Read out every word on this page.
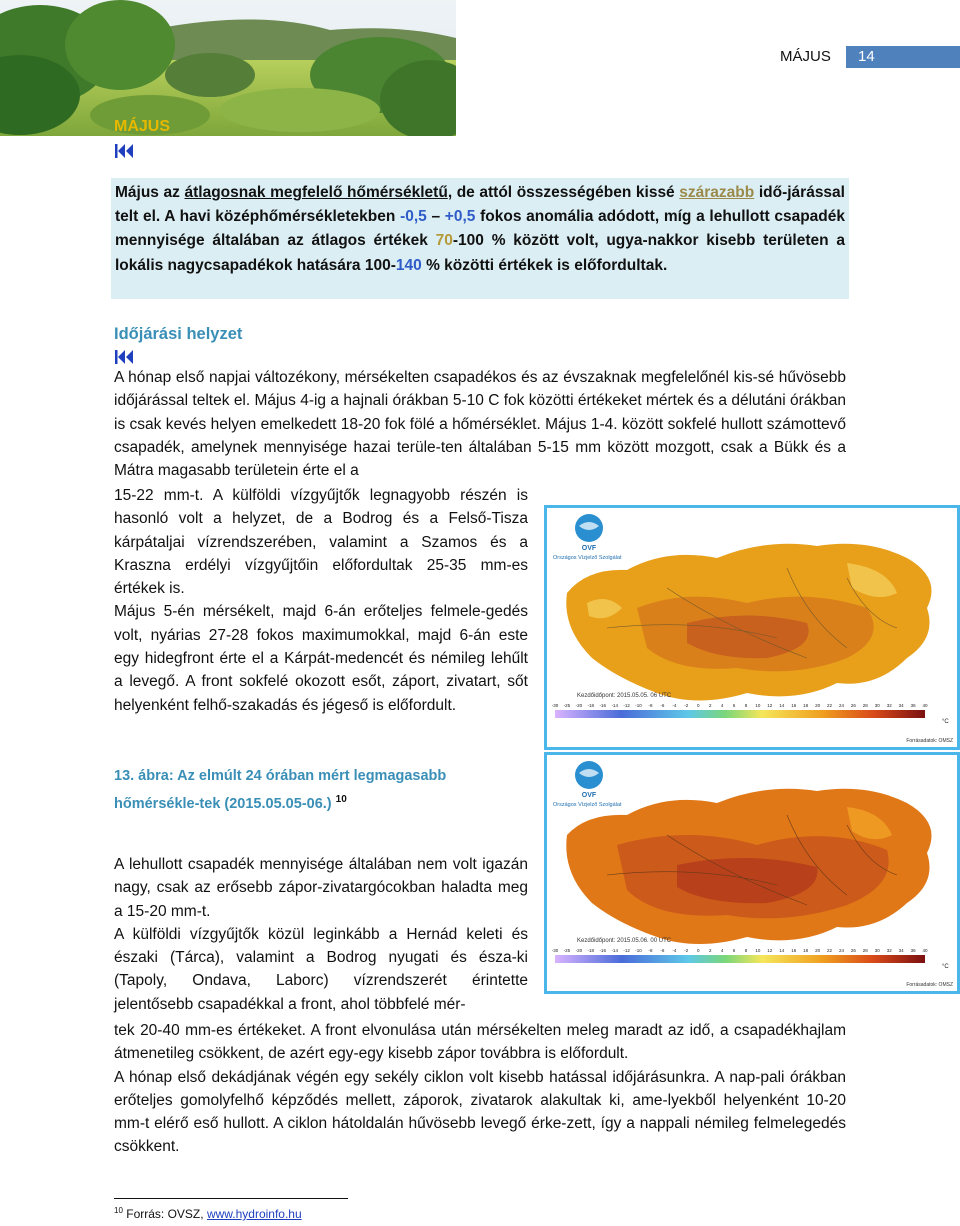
MÁJUS	14
MÁJUS
Május az átlagosnak megfelelő hőmérsékletű, de attól összességében kissé szárazabb idő-járással telt el. A havi középhőmérsékletekben -0,5 – +0,5 fokos anomália adódott, míg a lehullott csapadék mennyisége általában az átlagos értékek 70-100 % között volt, ugya-nakkor kisebb területen a lokális nagycsapadékok hatására 100-140 % közötti értékek is előfordultak.
Időjárási helyzet
A hónap első napjai változékony, mérsékelten csapadékos és az évszaknak megfelelőnél kis-sé hűvösebb időjárással teltek el. Május 4-ig a hajnali órákban 5-10 C fok közötti értékeket mértek és a délutáni órákban is csak kevés helyen emelkedett 18-20 fok fölé a hőmérséklet. Május 1-4. között sokfelé hullott számottevő csapadék, amelynek mennyisége hazai terüle-ten általában 5-15 mm között mozgott, csak a Bükk és a Mátra magasabb területein érte el a
15-22 mm-t. A külföldi vízgyűjtők legnagyobb részén is hasonló volt a helyzet, de a Bodrog és a Felső-Tisza kárpátaljai vízrendszerében, valamint a Szamos és a Kraszna erdélyi vízgyűjtőin előfordultak 25-35 mm-es értékek is.
Május 5-én mérsékelt, majd 6-án erőteljes felmele-gedés volt, nyárias 27-28 fokos maximumokkal, majd 6-án este egy hidegfront érte el a Kárpát-medencét és némileg lehűlt a levegő. A front sokfelé okozott esőt, záport, zivatart, sőt helyenként felhő-szakadás és jégeső is előfordult.
OVF
Országos Vízjelző Szolgálat
Kezdőidőpont: 2015.05.05. 06 UTC
-30 -25 -20 -18 -16 -14 -12 -10 -8 -6 -4 -2 0 2 4 6 8 10 12 14 16 18 20 22 24 26 28 30 32 34 36 40
°C
Forrásadatok: OMSZ
13. ábra: Az elmúlt 24 órában mért legmagasabb hőmérsékle-tek (2015.05.05-06.) $^{10}$	OVF
Országos Vízjelző Szolgálat
Kezdőidőpont: 2015.05.06. 00 UTC
-30 -25 -20 -18 -16 -14 -12 -10 -8 -6 -4 -2 0 2 4 6 8 10 12 14 16 18 20 22 24 26 28 30 32 34 36 40
°C
Forrásadatok: OMSZ
A lehullott csapadék mennyisége általában nem volt igazán nagy, csak az erősebb zápor-zivatargócokban haladta meg a 15-20 mm-t.
A külföldi vízgyűjtők közül leginkább a Hernád keleti és északi (Tárca), valamint a Bodrog nyugati és észa-ki (Tapoly, Ondava, Laborc) vízrendszerét érintette jelentősebb csapadékkal a front, ahol többfelé mér-
tek 20-40 mm-es értékeket. A front elvonulása után mérsékelten meleg maradt az idő, a csapadékhajlam átmenetileg csökkent, de azért egy-egy kisebb zápor továbbra is előfordult.
A hónap első dekádjának végén egy sekély ciklon volt kisebb hatással időjárásunkra. A nap-pali órákban erőteljes gomolyfelhő képződés mellett, záporok, zivatarok alakultak ki, ame-lyekből helyenként 10-20 mm-t elérő eső hullott. A ciklon hátoldalán hűvösebb levegő érke-zett, így a nappali némileg felmelegedés csökkent.
$^{10}$ Forrás: OVSZ, www.hydroinfo.hu
